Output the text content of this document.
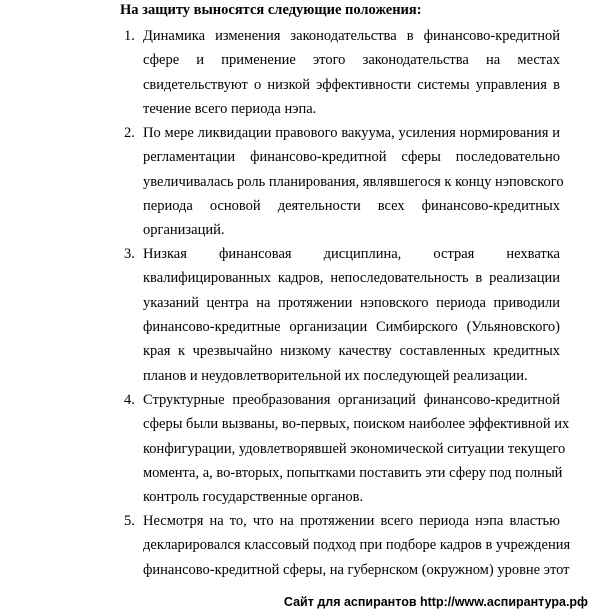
На защиту выносятся следующие положения:
1. Динамика изменения законодательства в финансово-кредитной
сфере и применение этого законодательства на местах
свидетельствуют о низкой эффективности системы управления в
течение всего периода нэпа.
2. По мере ликвидации правового вакуума, усиления нормирования и
регламентации финансово-кредитной сферы последовательно
увеличивалась роль планирования, являвшегося к концу нэповского
периода основой деятельности всех финансово-кредитных
организаций.
3. Низкая финансовая дисциплина, острая нехватка
квалифицированных кадров, непоследовательность в реализации
указаний центра на протяжении нэповского периода приводили
финансово-кредитные организации Симбирского (Ульяновского)
края к чрезвычайно низкому качеству составленных кредитных
планов и неудовлетворительной их последующей реализации.
4. Структурные преобразования организаций финансово-кредитной
сферы были вызваны, во-первых, поиском наиболее эффективной их
конфигурации, удовлетворявшей экономической ситуации текущего
момента, а, во-вторых, попытками поставить эти сферу под полный
контроль государственные органов.
5. Несмотря на то, что на протяжении всего периода нэпа властью
декларировался классовый подход при подборе кадров в учреждения
финансово-кредитной сферы, на губернском (окружном) уровне этот
Сайт для аспирантов http://www.аспирантура.рф
